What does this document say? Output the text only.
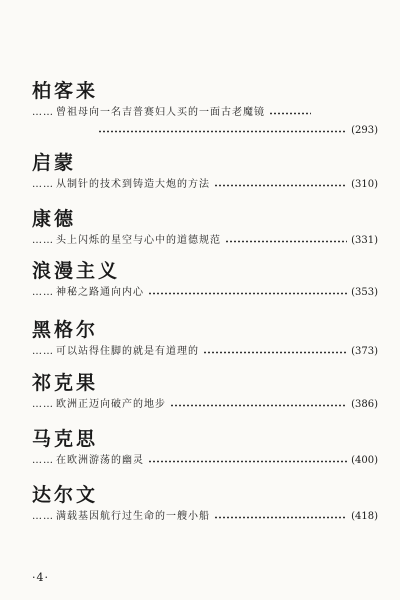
柏客来
…… 曾祖母向一名吉普赛妇人买的一面古老魔镜
(293)
启蒙
…… 从制针的技术到铸造大炮的方法	(310)
康德
…… 头上闪烁的星空与心中的道德规范	(331)
浪漫主义
…… 神秘之路通向内心	(353)
黑格尔
…… 可以站得住脚的就是有道理的	(373)
祁克果
…… 欧洲正迈向破产的地步	(386)
马克思
…… 在欧洲游荡的幽灵	(400)
达尔文
…… 满载基因航行过生命的一艘小船	(418)
·4·
